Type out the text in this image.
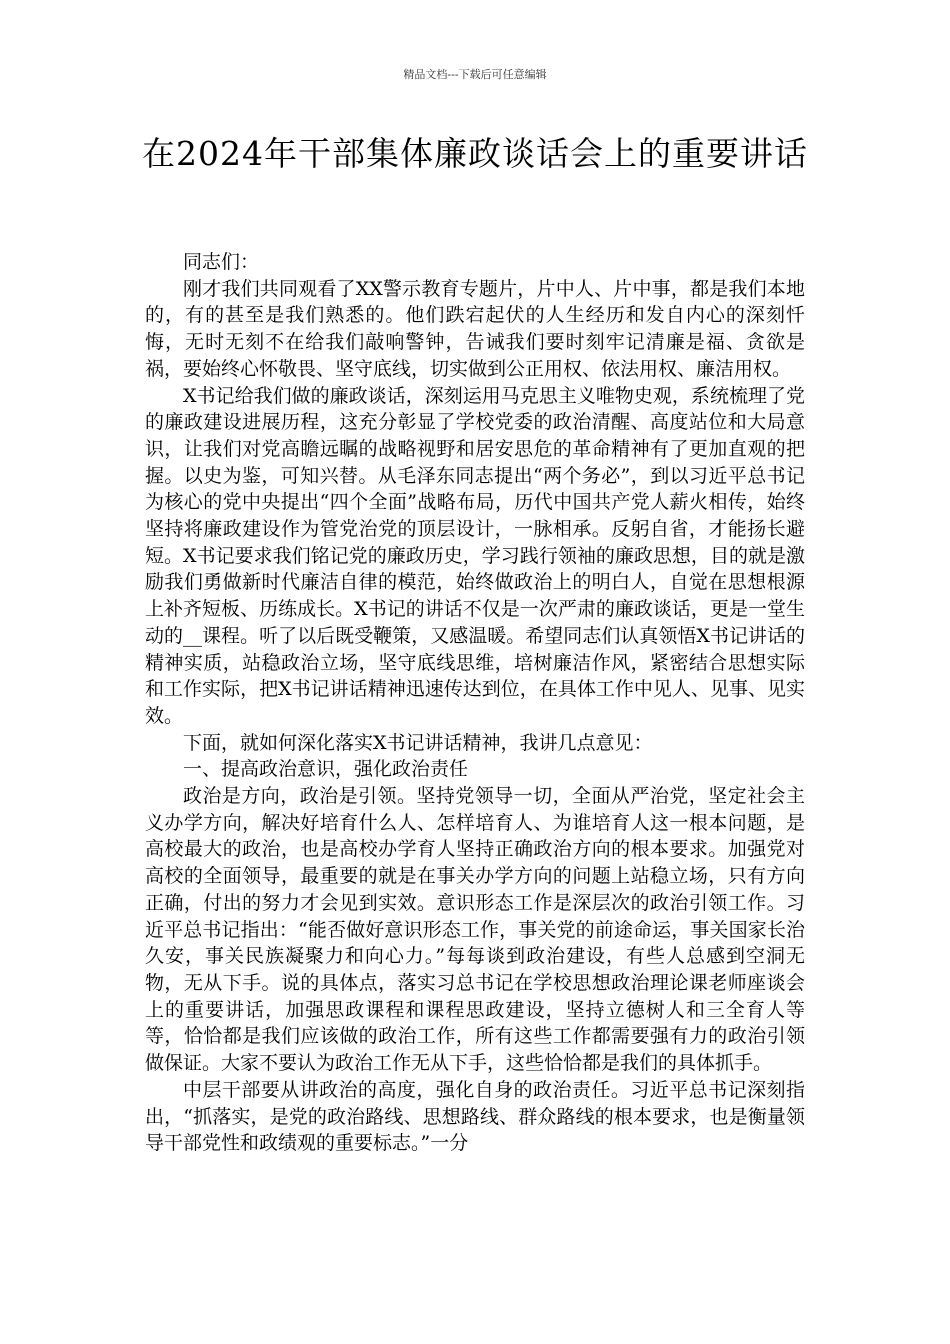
精品文档---下载后可任意编辑
在2024年干部集体廉政谈话会上的重要讲话

同志们：

刚才我们共同观看了XX警示教育专题片，片中人、片中事，都是我们本地的，有的甚至是我们熟悉的。他们跌宕起伏的人生经历和发自内心的深刻忏悔，无时无刻不在给我们敲响警钟，告诫我们要时刻牢记清廉是福、贪欲是祸，要始终心怀敬畏、坚守底线，切实做到公正用权、依法用权、廉洁用权。

X书记给我们做的廉政谈话，深刻运用马克思主义唯物史观，系统梳理了党的廉政建设进展历程，这充分彰显了学校党委的政治清醒、高度站位和大局意识，让我们对党高瞻远瞩的战略视野和居安思危的革命精神有了更加直观的把握。以史为鉴，可知兴替。从毛泽东同志提出“两个务必”，到以习近平总书记为核心的党中央提出“四个全面”战略布局，历代中国共产党人薪火相传，始终坚持将廉政建设作为管党治党的顶层设计，一脉相承。反躬自省，才能扬长避短。X书记要求我们铭记党的廉政历史，学习践行领袖的廉政思想，目的就是激励我们勇做新时代廉洁自律的模范，始终做政治上的明白人，自觉在思想根源上补齐短板、历练成长。X书记的讲话不仅是一次严肃的廉政谈话，更是一堂生动的__课程。听了以后既受鞭策，又感温暖。希望同志们认真领悟X书记讲话的精神实质，站稳政治立场，坚守底线思维，培树廉洁作风，紧密结合思想实际和工作实际，把X书记讲话精神迅速传达到位，在具体工作中见人、见事、见实效。

下面，就如何深化落实X书记讲话精神，我讲几点意见：

一、提高政治意识，强化政治责任

政治是方向，政治是引领。坚持党领导一切，全面从严治党，坚定社会主义办学方向，解决好培育什么人、怎样培育人、为谁培育人这一根本问题，是高校最大的政治，也是高校办学育人坚持正确政治方向的根本要求。加强党对高校的全面领导，最重要的就是在事关办学方向的问题上站稳立场，只有方向正确，付出的努力才会见到实效。意识形态工作是深层次的政治引领工作。习近平总书记指出：“能否做好意识形态工作，事关党的前途命运，事关国家长治久安，事关民族凝聚力和向心力。”每每谈到政治建设，有些人总感到空洞无物，无从下手。说的具体点，落实习总书记在学校思想政治理论课老师座谈会上的重要讲话，加强思政课程和课程思政建设，坚持立德树人和三全育人等等，恰恰都是我们应该做的政治工作，所有这些工作都需要强有力的政治引领做保证。大家不要认为政治工作无从下手，这些恰恰都是我们的具体抓手。

中层干部要从讲政治的高度，强化自身的政治责任。习近平总书记深刻指出，“抓落实，是党的政治路线、思想路线、群众路线的根本要求，也是衡量领导干部党性和政绩观的重要标志。”一分
